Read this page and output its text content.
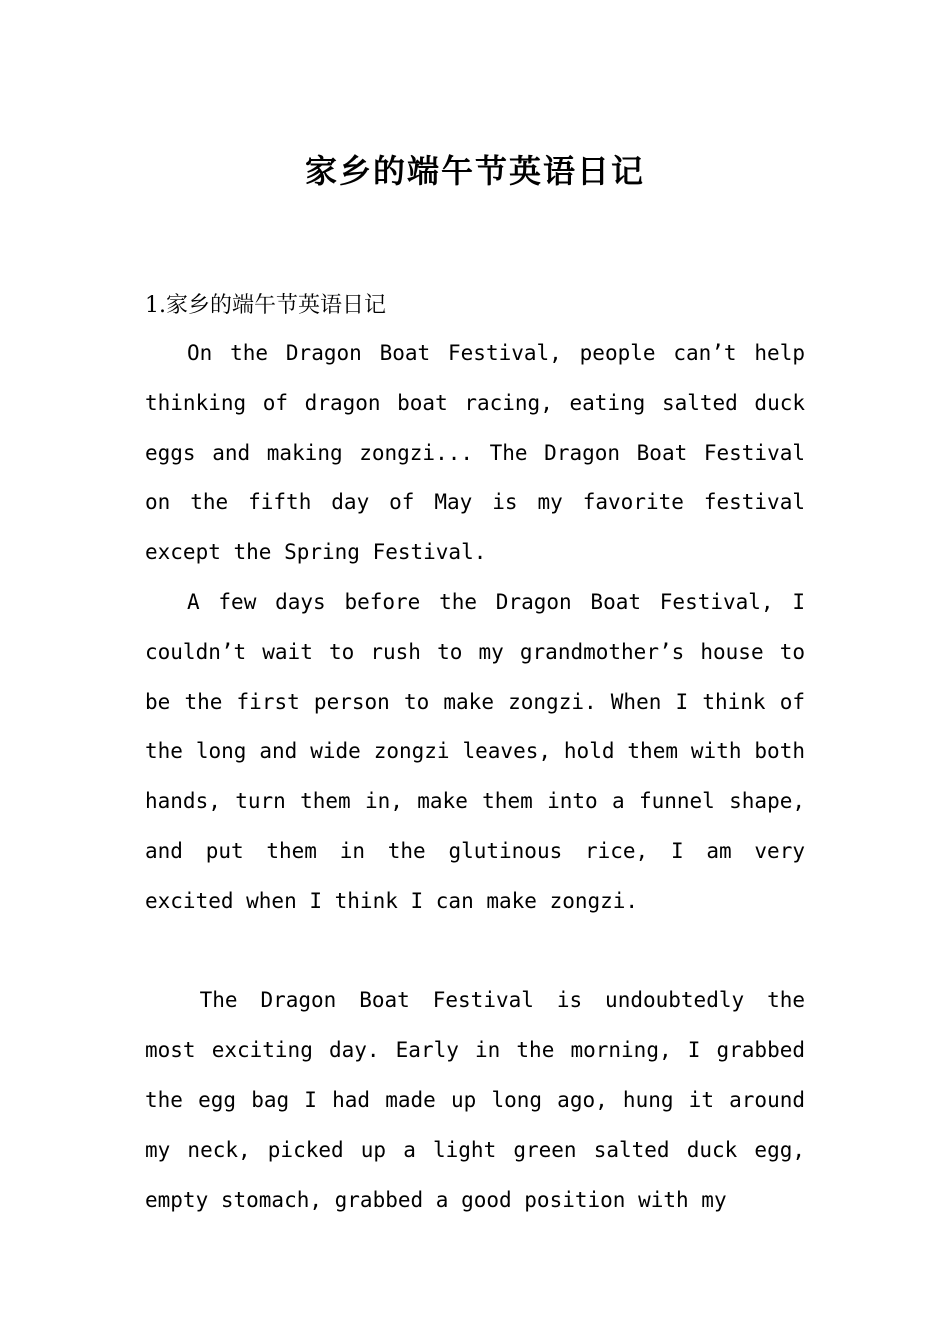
家乡的端午节英语日记
1.家乡的端午节英语日记

On the Dragon Boat Festival, people can’t help thinking of dragon boat racing, eating salted duck eggs and making zongzi... The Dragon Boat Festival on the fifth day of May is my favorite festival except the Spring Festival.

A few days before the Dragon Boat Festival, I couldn’t wait to rush to my grandmother’s house to be the first person to make zongzi. When I think of the long and wide zongzi leaves, hold them with both hands, turn them in, make them into a funnel shape, and put them in the glutinous rice, I am very excited when I think I can make zongzi.

The Dragon Boat Festival is undoubtedly the most exciting day. Early in the morning, I grabbed the egg bag I had made up long ago, hung it around my neck, picked up a light green salted duck egg, empty stomach, grabbed a good position with my
